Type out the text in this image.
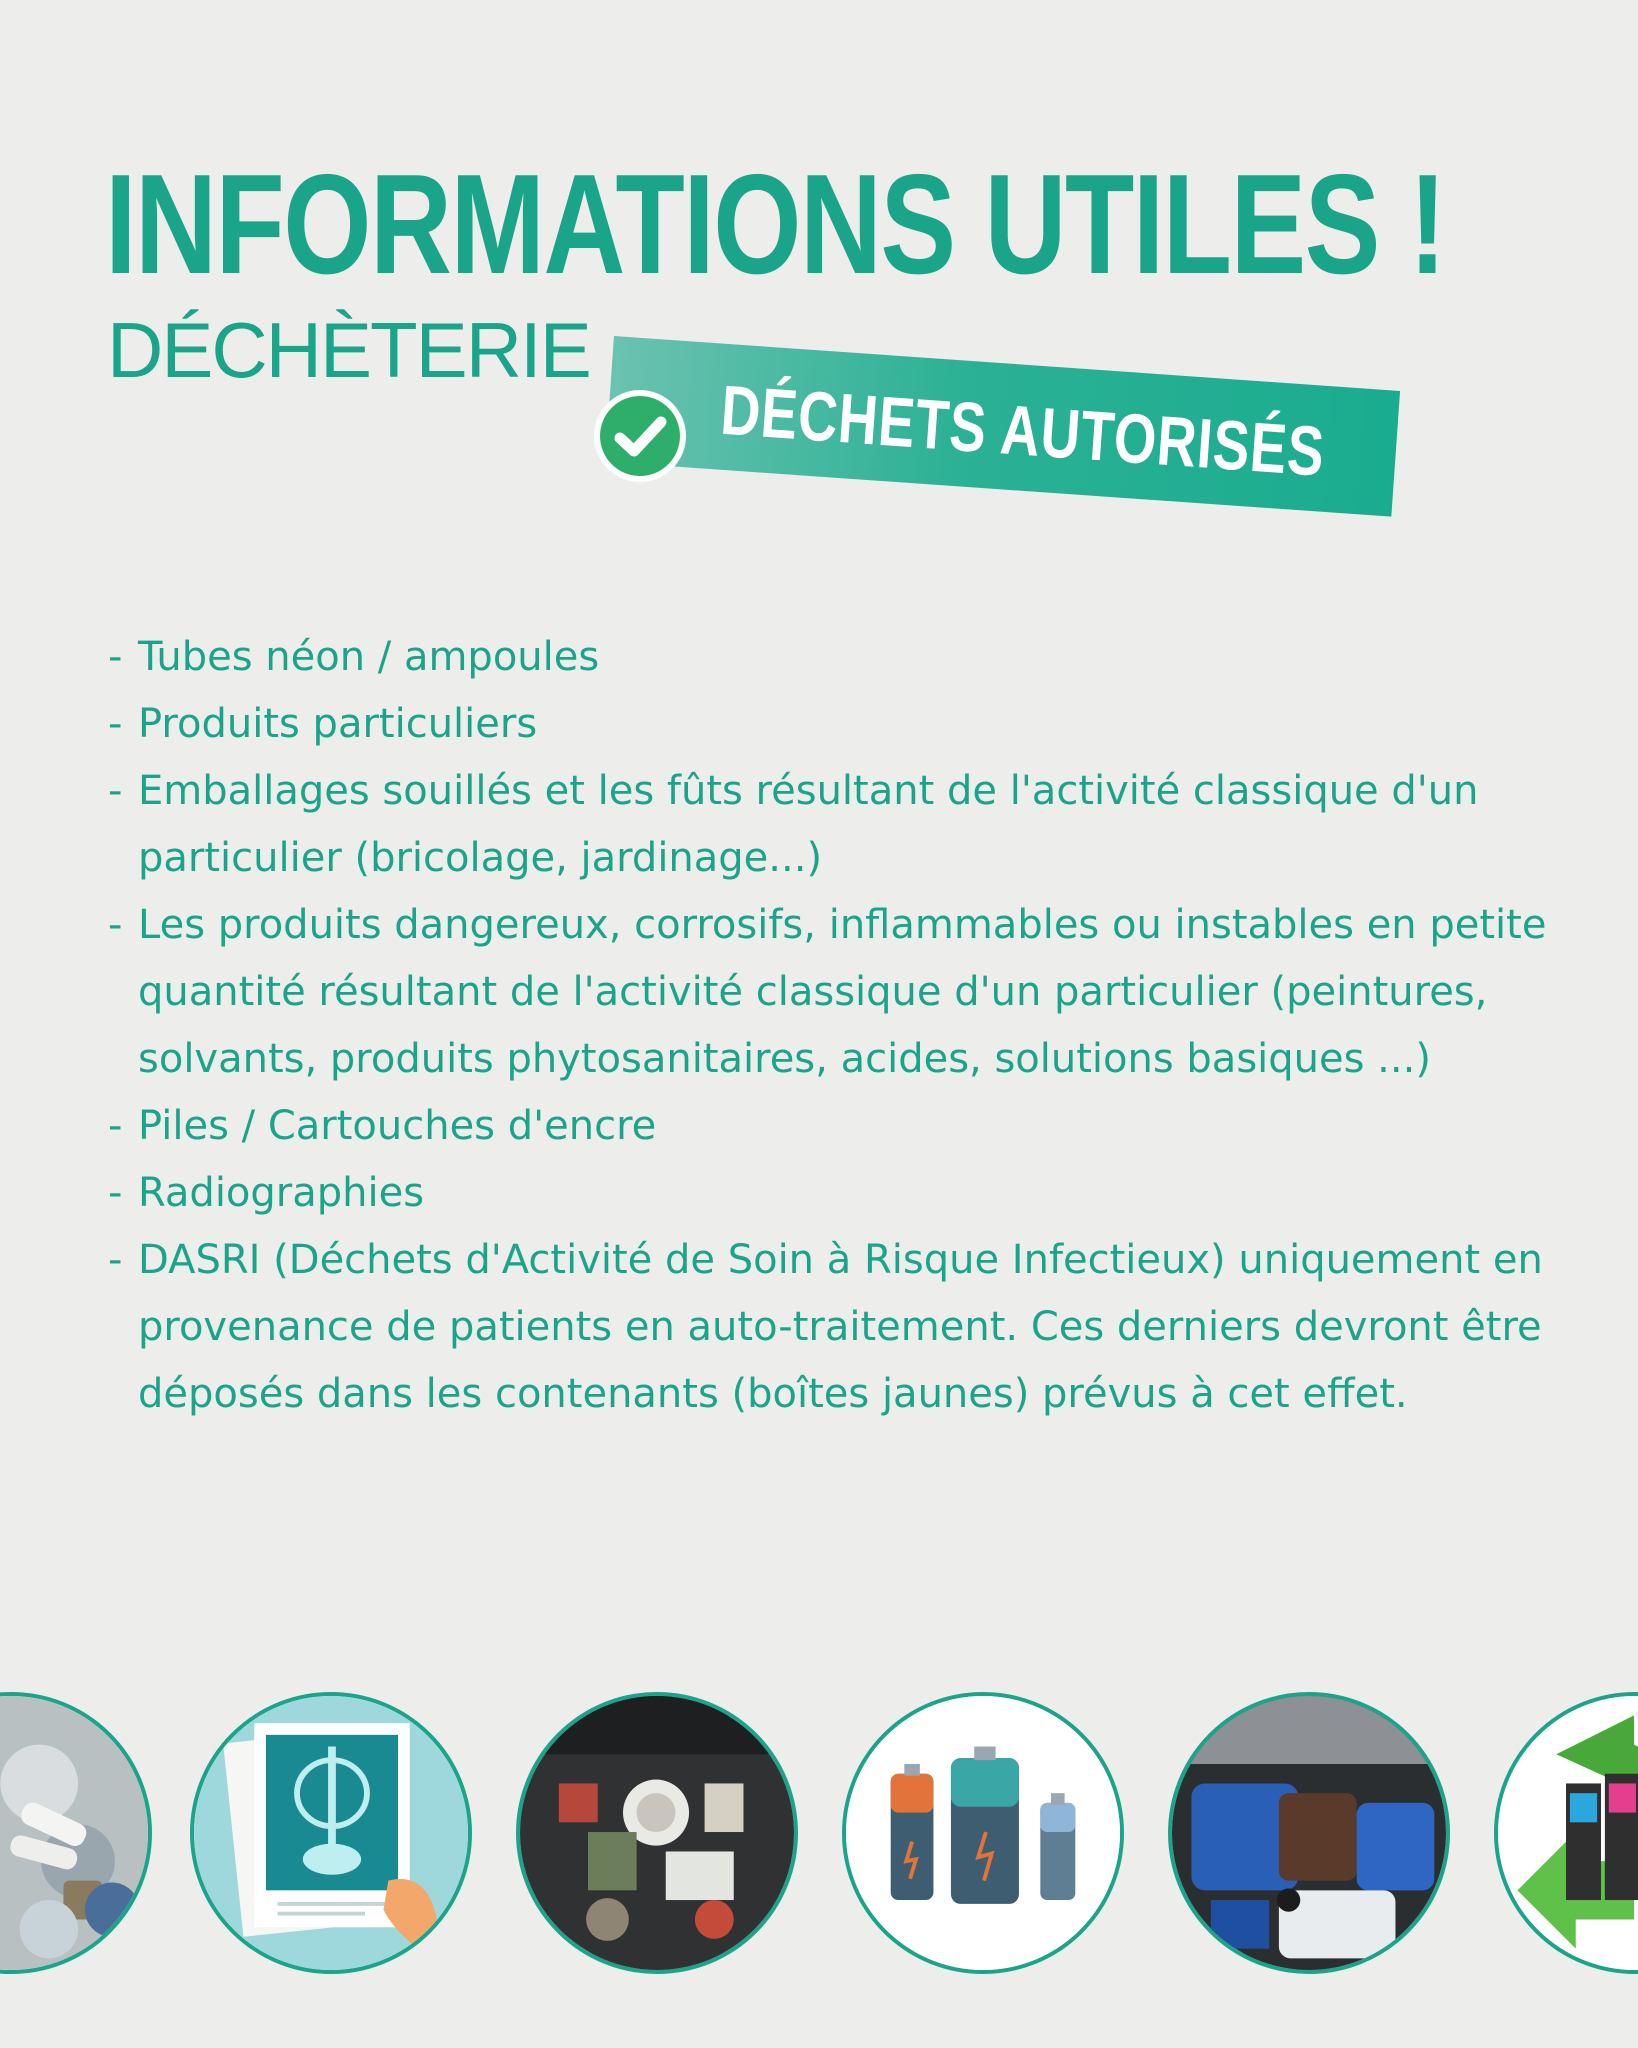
INFORMATIONS UTILES !
DÉCHÈTERIE
DÉCHETS AUTORISÉS
- Tubes néon / ampoules
- Produits particuliers
- Emballages souillés et les fûts résultant de l'activité classique d'un particulier (bricolage, jardinage...)
- Les produits dangereux, corrosifs, inflammables ou instables en petite quantité résultant de l'activité classique d'un particulier (peintures, solvants, produits phytosanitaires, acides, solutions basiques ...)
- Piles / Cartouches d'encre
- Radiographies
- DASRI (Déchets d'Activité de Soin à Risque Infectieux) uniquement en provenance de patients en auto-traitement. Ces derniers devront être déposés dans les contenants (boîtes jaunes) prévus à cet effet.
